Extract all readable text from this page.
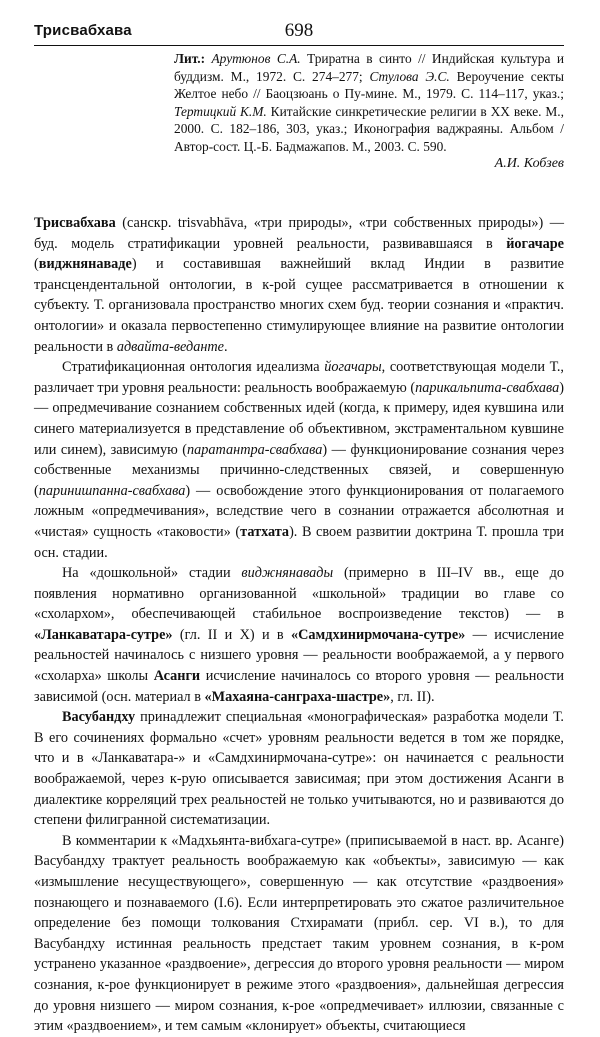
Трисвабхава	698

Лит.: Арутюнов С.А. Триратна в синто // Индийская культура и буддизм. М., 1972. С. 274–277; Стулова Э.С. Вероучение секты Желтое небо // Баоцзюань о Пу-мине. М., 1979. С. 114–117, указ.; Тертицкий К.М. Китайские синкретические религии в XX веке. М., 2000. С. 182–186, 303, указ.; Иконография ваджраяны. Альбом / Автор-сост. Ц.-Б. Бадмажапов. М., 2003. С. 590.

А.И. Кобзев

Трисвабхава (санскр. trisvabhāva, «три природы», «три собственных природы») — буд. модель стратификации уровней реальности, развивавшаяся в йогачаре (виджнянаваде) и составившая важнейший вклад Индии в развитие трансцендентальной онтологии, в к-рой сущее рассматривается в отношении к субъекту. Т. организовала пространство многих схем буд. теории сознания и «практич. онтологии» и оказала первостепенно стимулирующее влияние на развитие онтологии реальности в адвайта-веданте.

Стратификационная онтология идеализма йогачары, соответствующая модели Т., различает три уровня реальности: реальность воображаемую (парикальпита-свабхава) — опредмечивание сознанием собственных идей (когда, к примеру, идея кувшина или синего материализуется в представление об объективном, экстраментальном кувшине или синем), зависимую (паратантра-свабхава) — функционирование сознания через собственные механизмы причинно-следственных связей, и совершенную (паринишпанна-свабхава) — освобождение этого функционирования от полагаемого ложным «опредмечивания», вследствие чего в сознании отражается абсолютная и «чистая» сущность «таковости» (татхата). В своем развитии доктрина Т. прошла три осн. стадии.

На «дошкольной» стадии виджнянавады (примерно в III–IV вв., еще до появления нормативно организованной «школьной» традиции во главе со «схолархом», обеспечивающей стабильное воспроизведение текстов) — в «Ланкаватара-сутре» (гл. II и X) и в «Самдхинирмочана-сутре» — исчисление реальностей начиналось с низшего уровня — реальности воображаемой, а у первого «схоларха» школы Асанги исчисление начиналось со второго уровня — реальности зависимой (осн. материал в «Махаяна-санграха-шастре», гл. II).

Васубандху принадлежит специальная «монографическая» разработка модели Т. В его сочинениях формально «счет» уровням реальности ведется в том же порядке, что и в «Ланкаватара-» и «Самдхинирмочана-сутре»: он начинается с реальности воображаемой, через к-рую описывается зависимая; при этом достижения Асанги в диалектике корреляций трех реальностей не только учитываются, но и развиваются до степени филигранной систематизации.

В комментарии к «Мадхьянта-вибхага-сутре» (приписываемой в наст. вр. Асанге) Васубандху трактует реальность воображаемую как «объекты», зависимую — как «измышление несуществующего», совершенную — как отсутствие «раздвоения» познающего и познаваемого (I.6). Если интерпретировать это сжатое различительное определение без помощи толкования Стхирамати (прибл. сер. VI в.), то для Васубандху истинная реальность предстает таким уровнем сознания, в к-ром устранено указанное «раздвоение», дегрессия до второго уровня реальности — миром сознания, к-рое функционирует в режиме этого «раздвоения», дальнейшая дегрессия до уровня низшего — миром сознания, к-рое «опредмечивает» иллюзии, связанные с этим «раздвоением», и тем самым «клонирует» объекты, считающиеся
